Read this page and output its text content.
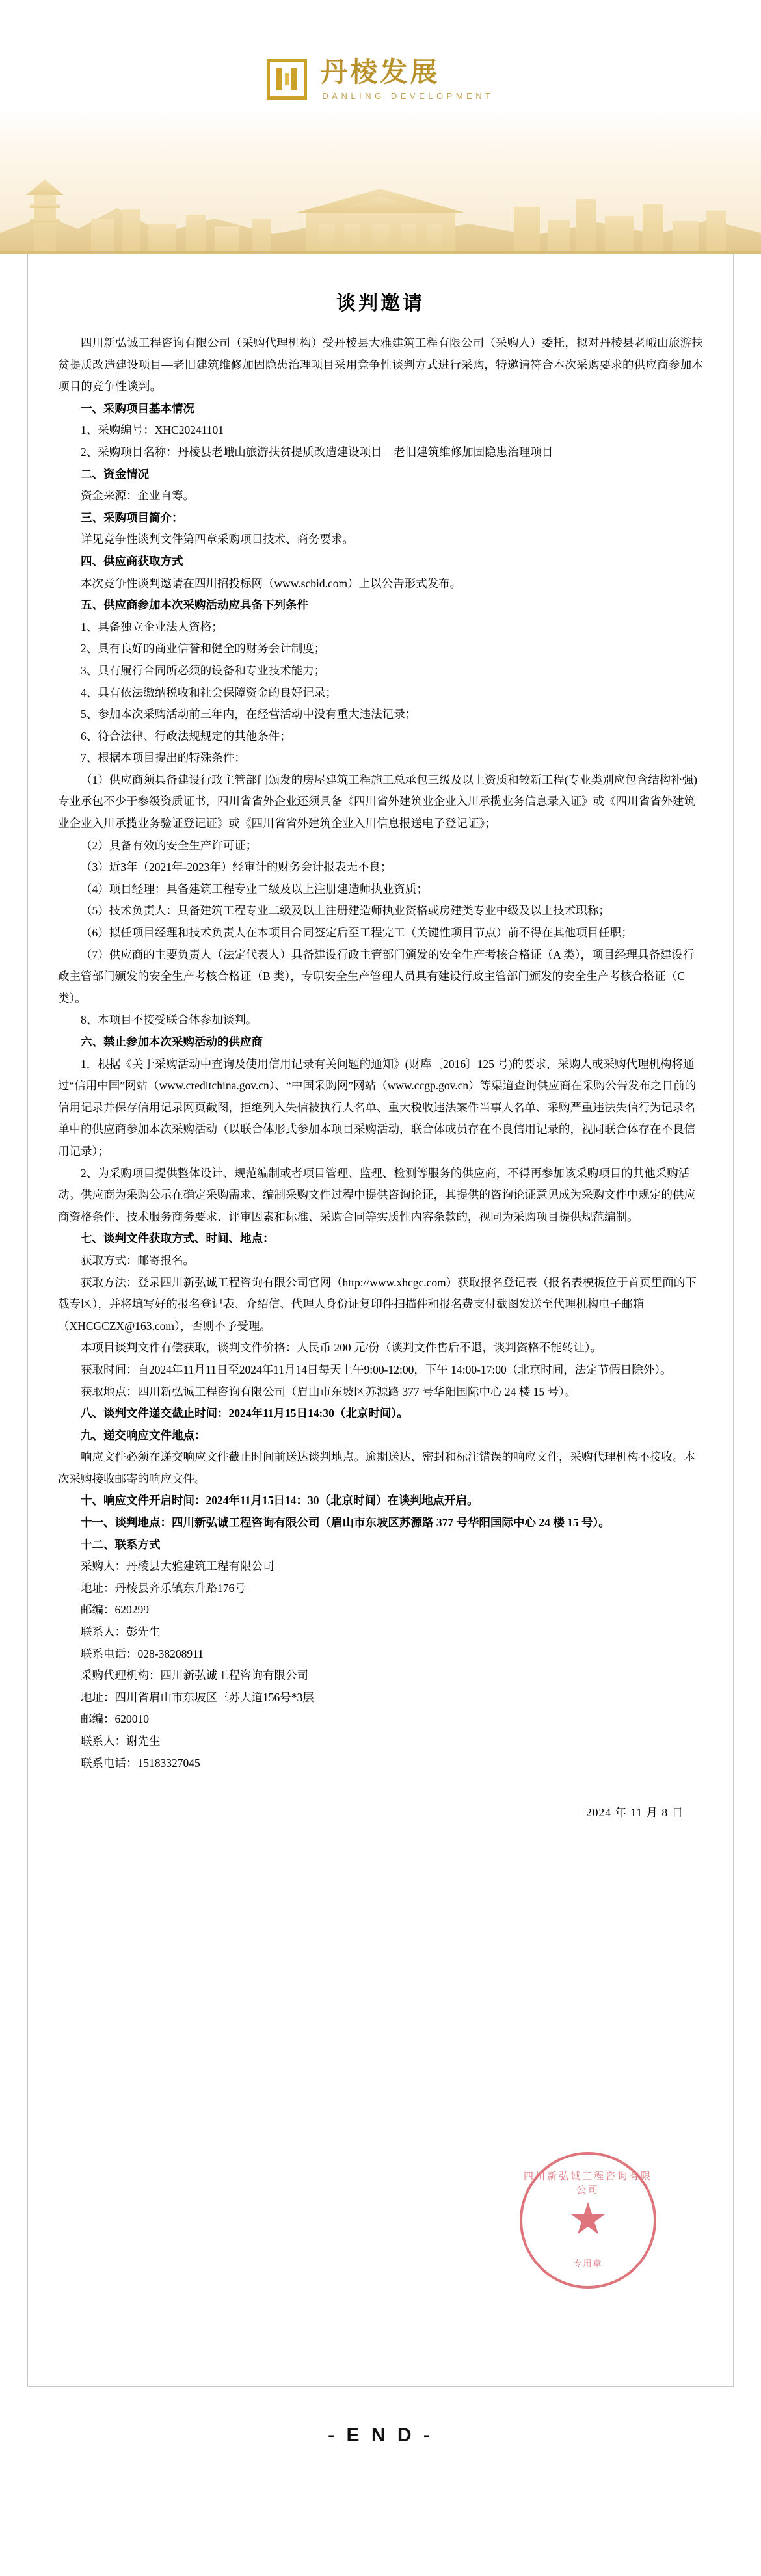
丹棱发展
DANLING DEVELOPMENT
谈判邀请

四川新弘诚工程咨询有限公司（采购代理机构）受丹棱县大雅建筑工程有限公司（采购人）委托，拟对丹棱县老峨山旅游扶贫提质改造建设项目—老旧建筑维修加固隐患治理项目采用竞争性谈判方式进行采购，特邀请符合本次采购要求的供应商参加本项目的竞争性谈判。

一、采购项目基本情况

1、采购编号：XHC20241101

2、采购项目名称：丹棱县老峨山旅游扶贫提质改造建设项目—老旧建筑维修加固隐患治理项目

二、资金情况

资金来源：企业自筹。

三、采购项目简介：

详见竞争性谈判文件第四章采购项目技术、商务要求。

四、供应商获取方式

本次竞争性谈判邀请在四川招投标网（www.scbid.com）上以公告形式发布。

五、供应商参加本次采购活动应具备下列条件

1、具备独立企业法人资格；

2、具有良好的商业信誉和健全的财务会计制度；

3、具有履行合同所必须的设备和专业技术能力；

4、具有依法缴纳税收和社会保障资金的良好记录；

5、参加本次采购活动前三年内，在经营活动中没有重大违法记录；

6、符合法律、行政法规规定的其他条件；

7、根据本项目提出的特殊条件：

（1）供应商须具备建设行政主管部门颁发的房屋建筑工程施工总承包三级及以上资质和较新工程(专业类别应包含结构补强)专业承包不少于参级资质证书，四川省省外企业还须具备《四川省外建筑业企业入川承揽业务信息录入证》或《四川省省外建筑业企业入川承揽业务验证登记证》或《四川省省外建筑企业入川信息报送电子登记证》；

（2）具备有效的安全生产许可证；

（3）近3年（2021年-2023年）经审计的财务会计报表无不良；

（4）项目经理：具备建筑工程专业二级及以上注册建造师执业资质；

（5）技术负责人：具备建筑工程专业二级及以上注册建造师执业资格或房建类专业中级及以上技术职称；

（6）拟任项目经理和技术负责人在本项目合同签定后至工程完工（关键性项目节点）前不得在其他项目任职；

（7）供应商的主要负责人（法定代表人）具备建设行政主管部门颁发的安全生产考核合格证（A 类），项目经理具备建设行政主管部门颁发的安全生产考核合格证（B 类），专职安全生产管理人员具有建设行政主管部门颁发的安全生产考核合格证（C 类）。

8、本项目不接受联合体参加谈判。

六、禁止参加本次采购活动的供应商

1．根据《关于采购活动中查询及使用信用记录有关问题的通知》(财库〔2016〕125 号)的要求，采购人或采购代理机构将通过“信用中国”网站（www.creditchina.gov.cn）、“中国采购网”网站（www.ccgp.gov.cn）等渠道查询供应商在采购公告发布之日前的信用记录并保存信用记录网页截图，拒绝列入失信被执行人名单、重大税收违法案件当事人名单、采购严重违法失信行为记录名单中的供应商参加本次采购活动（以联合体形式参加本项目采购活动，联合体成员存在不良信用记录的，视同联合体存在不良信用记录）；

2、为采购项目提供整体设计、规范编制或者项目管理、监理、检测等服务的供应商，不得再参加该采购项目的其他采购活动。供应商为采购公示在确定采购需求、编制采购文件过程中提供咨询论证，其提供的咨询论证意见成为采购文件中规定的供应商资格条件、技术服务商务要求、评审因素和标准、采购合同等实质性内容条款的，视同为采购项目提供规范编制。

七、谈判文件获取方式、时间、地点：

获取方式：邮寄报名。

获取方法：登录四川新弘诚工程咨询有限公司官网（http://www.xhcgc.com）获取报名登记表（报名表模板位于首页里面的下载专区），并将填写好的报名登记表、介绍信、代理人身份证复印件扫描件和报名费支付截图发送至代理机构电子邮箱（XHCGCZX@163.com），否则不予受理。

本项目谈判文件有偿获取，谈判文件价格：人民币 200 元/份（谈判文件售后不退，谈判资格不能转让）。

获取时间：自2024年11月11日至2024年11月14日每天上午9:00-12:00，下午 14:00-17:00（北京时间，法定节假日除外）。

获取地点：四川新弘诚工程咨询有限公司（眉山市东坡区苏源路 377 号华阳国际中心 24 楼 15 号）。

八、谈判文件递交截止时间：2024年11月15日14:30（北京时间）。

九、递交响应文件地点：

响应文件必须在递交响应文件截止时间前送达谈判地点。逾期送达、密封和标注错误的响应文件，采购代理机构不接收。本次采购接收邮寄的响应文件。

十、响应文件开启时间：2024年11月15日14：30（北京时间）在谈判地点开启。

十一、谈判地点：四川新弘诚工程咨询有限公司（眉山市东坡区苏源路 377 号华阳国际中心 24 楼 15 号）。

十二、联系方式

采购人：丹棱县大雅建筑工程有限公司

地址：丹棱县齐乐镇东升路176号

邮编：620299

联系人：彭先生

联系电话：028-38208911

采购代理机构：四川新弘诚工程咨询有限公司

地址：四川省眉山市东坡区三苏大道156号*3层

邮编：620010

联系人：谢先生

联系电话：15183327045

2024 年 11 月 8 日
四川新弘诚工程咨询有限公司
★
专用章
- E N D -
